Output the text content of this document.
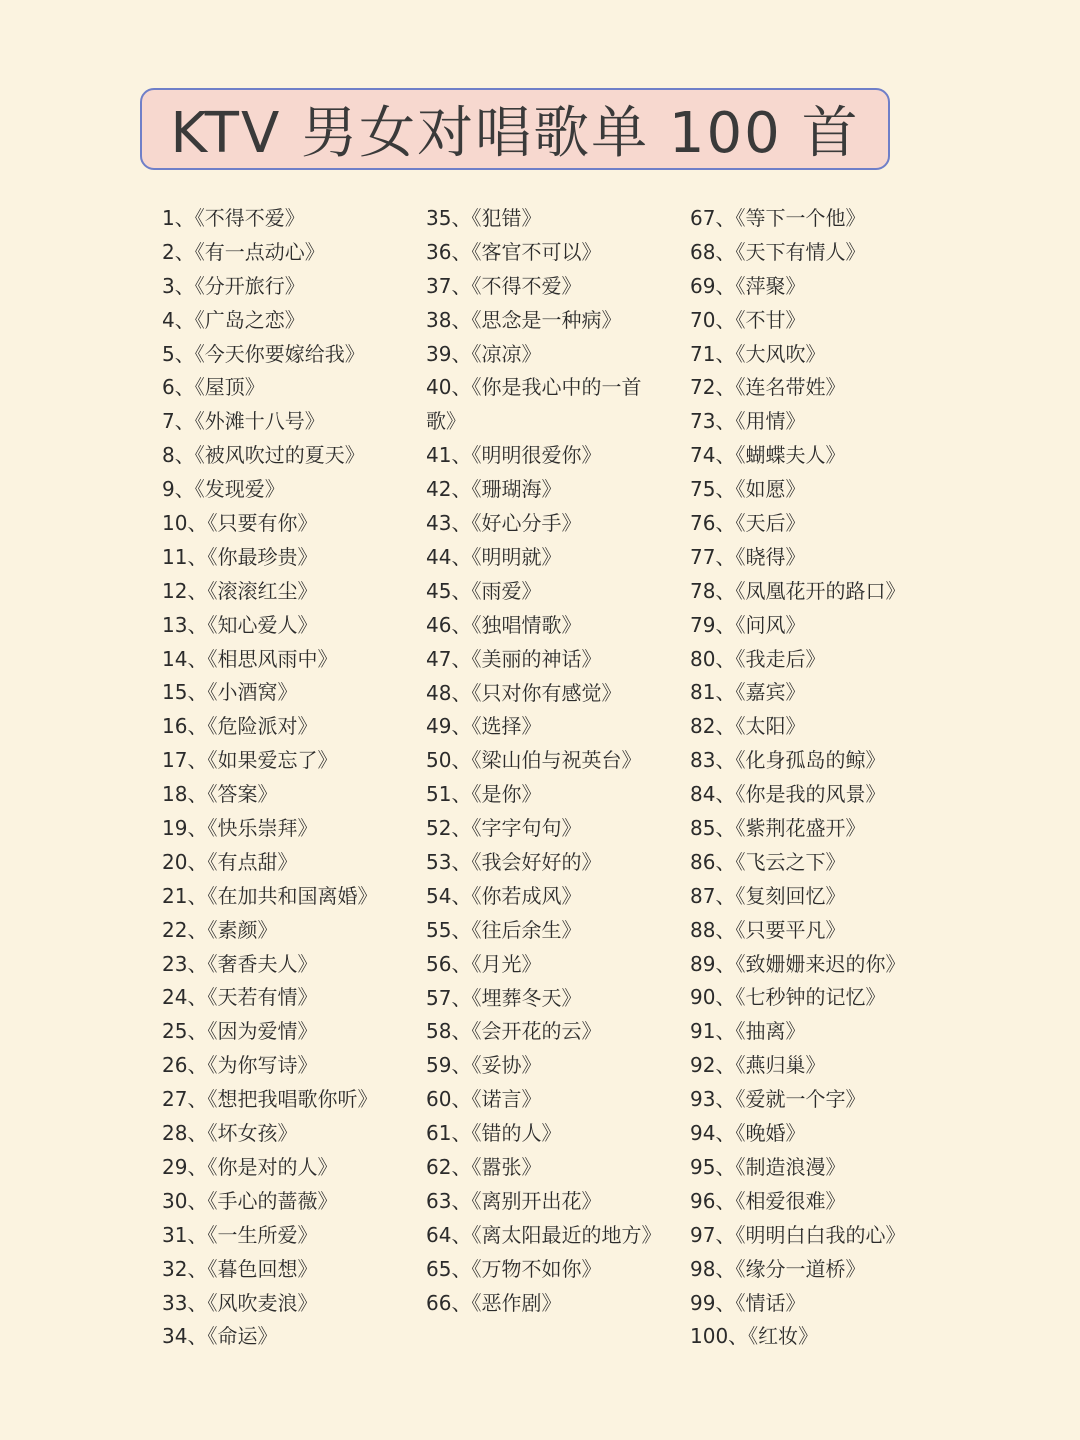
KTV 男女对唱歌单 100 首
1、《不得不爱》
2、《有一点动心》
3、《分开旅行》
4、《广岛之恋》
5、《今天你要嫁给我》
6、《屋顶》
7、《外滩十八号》
8、《被风吹过的夏天》
9、《发现爱》
10、《只要有你》
11、《你最珍贵》
12、《滚滚红尘》
13、《知心爱人》
14、《相思风雨中》
15、《小酒窝》
16、《危险派对》
17、《如果爱忘了》
18、《答案》
19、《快乐崇拜》
20、《有点甜》
21、《在加共和国离婚》
22、《素颜》
23、《奢香夫人》
24、《天若有情》
25、《因为爱情》
26、《为你写诗》
27、《想把我唱歌你听》
28、《坏女孩》
29、《你是对的人》
30、《手心的蔷薇》
31、《一生所爱》
32、《暮色回想》
33、《风吹麦浪》
34、《命运》
35、《犯错》
36、《客官不可以》
37、《不得不爱》
38、《思念是一种病》
39、《凉凉》
40、《你是我心中的一首歌》
41、《明明很爱你》
42、《珊瑚海》
43、《好心分手》
44、《明明就》
45、《雨爱》
46、《独唱情歌》
47、《美丽的神话》
48、《只对你有感觉》
49、《选择》
50、《梁山伯与祝英台》
51、《是你》
52、《字字句句》
53、《我会好好的》
54、《你若成风》
55、《往后余生》
56、《月光》
57、《埋葬冬天》
58、《会开花的云》
59、《妥协》
60、《诺言》
61、《错的人》
62、《嚣张》
63、《离别开出花》
64、《离太阳最近的地方》
65、《万物不如你》
66、《恶作剧》
67、《等下一个他》
68、《天下有情人》
69、《萍聚》
70、《不甘》
71、《大风吹》
72、《连名带姓》
73、《用情》
74、《蝴蝶夫人》
75、《如愿》
76、《天后》
77、《晓得》
78、《凤凰花开的路口》
79、《问风》
80、《我走后》
81、《嘉宾》
82、《太阳》
83、《化身孤岛的鲸》
84、《你是我的风景》
85、《紫荆花盛开》
86、《飞云之下》
87、《复刻回忆》
88、《只要平凡》
89、《致姗姗来迟的你》
90、《七秒钟的记忆》
91、《抽离》
92、《燕归巢》
93、《爱就一个字》
94、《晚婚》
95、《制造浪漫》
96、《相爱很难》
97、《明明白白我的心》
98、《缘分一道桥》
99、《情话》
100、《红妆》
